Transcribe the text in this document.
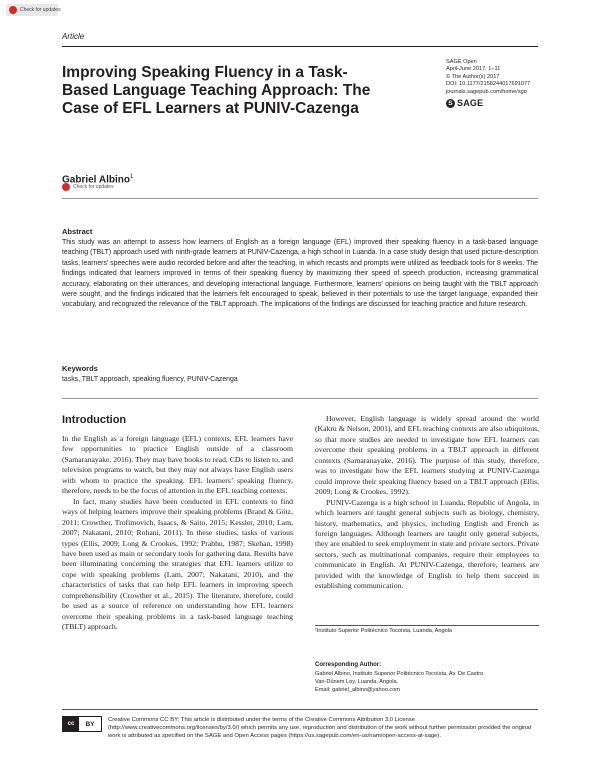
Check for updates
Article
Improving Speaking Fluency in a Task-Based Language Teaching Approach: The Case of EFL Learners at PUNIV-Cazenga
SAGE Open
April-June 2017: 1–11
© The Author(s) 2017
DOI: 10.1177/2158244017691077
journals.sagepub.com/home/sgo
S SAGE
Check for updates
Gabriel Albino$^1$
Abstract
This study was an attempt to assess how learners of English as a foreign language (EFL) improved their speaking fluency in a task-based language teaching (TBLT) approach used with ninth-grade learners at PUNIV-Cazenga, a high school in Luanda. In a case study design that used picture-description tasks, learners’ speeches were audio recorded before and after the teaching, in which recasts and prompts were utilized as feedback tools for 8 weeks. The findings indicated that learners improved in terms of their speaking fluency by maximizing their speed of speech production, increasing grammatical accuracy, elaborating on their utterances, and developing interactional language. Furthermore, learners’ opinions on being taught with the TBLT approach were sought, and the findings indicated that the learners felt encouraged to speak, believed in their potentials to use the target language, expanded their vocabulary, and recognized the relevance of the TBLT approach. The implications of the findings are discussed for teaching practice and future research.
Keywords
tasks, TBLT approach, speaking fluency, PUNIV-Cazenga
Introduction

In the English as a foreign language (EFL) contexts, EFL learners have few opportunities to practice English outside of a classroom (Samaranayake, 2016). They may have books to read, CDs to listen to, and television programs to watch, but they may not always have English users with whom to practice the speaking. EFL learners’ speaking fluency, therefore, needs to be the focus of attention in the EFL teaching contexts.

In fact, many studies have been conducted in EFL contexts to find ways of helping learners improve their speaking problems (Brand & Götz, 2011; Crowther, Trofimovich, Isaacs, & Saito, 2015; Kessler, 2010; Lam, 2007; Nakatani, 2010; Rohani, 2011). In these studies, tasks of various types (Ellis, 2009; Long & Crookes, 1992; Prabhu, 1987; Skehan, 1998) have been used as main or secondary tools for gathering data. Results have been illuminating concerning the strategies that EFL learners utilize to cope with speaking problems (Lam, 2007; Nakatani, 2010), and the characteristics of tasks that can help EFL learners in improving speech comprehensibility (Crowther et al., 2015). The literature, therefore, could be used as a source of reference on understanding how EFL learners overcome their speaking problems in a task-based language teaching (TBLT) approach.

However, English language is widely spread around the world (Kakru & Nelson, 2001), and EFL teaching contexts are also ubiquitous, so that more studies are needed to investigate how EFL learners can overcome their speaking problems in a TBLT approach in different contexts (Samaranayake, 2016). The purpose of this study, therefore, was to investigate how the EFL learners studying at PUNIV-Cazenga could improve their speaking fluency based on a TBLT approach (Ellis, 2009; Long & Crookes, 1992).

PUNIV-Cazenga is a high school in Luanda, Republic of Angola, in which learners are taught general subjects such as biology, chemistry, history, mathematics, and physics, including English and French as foreign languages. Although learners are taught only general subjects, they are enabled to seek employment in state and private sectors. Private sectors, such as multinational companies, require their employees to communicate in English. At PUNIV-Cazenga, therefore, learners are provided with the knowledge of English to help them succeed in establishing communication.

¹Instituto Superior Politécnico Tocoísta, Luanda, Angola
Corresponding Author:
Gabriel Albino, Instituto Superior Politécnico Tocoísta, Av. De Castro
Van-Dúnem Loy, Luanda, Angola.
Email: gabriel_albino@yahoo.com
cc	BY
Creative Commons CC BY: This article is distributed under the terms of the Creative Commons Attribution 3.0 License (http://www.creativecommons.org/licenses/by/3.0/) which permits any use, reproduction and distribution of the work without further permission provided the original work is attributed as specified on the SAGE and Open Access pages (https://us.sagepub.com/en-us/nam/open-access-at-sage).
